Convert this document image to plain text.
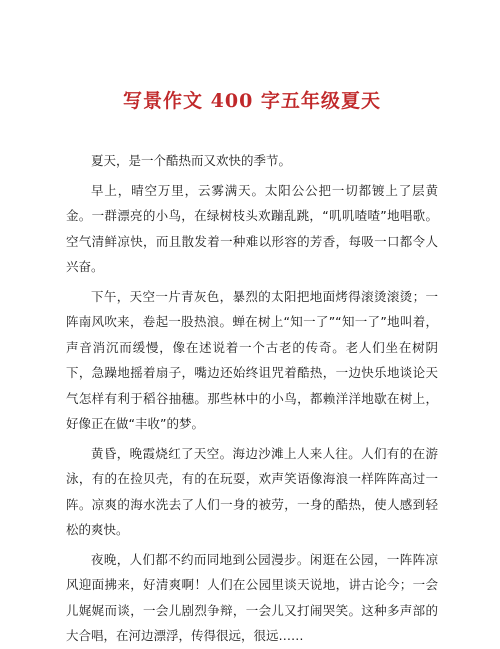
写景作文 400 字五年级夏天

夏天，是一个酷热而又欢快的季节。

早上，晴空万里，云雾满天。太阳公公把一切都镀上了层黄金。一群漂亮的小鸟，在绿树枝头欢蹦乱跳，“叽叽喳喳”地唱歌。空气清鲜凉快，而且散发着一种难以形容的芳香，每吸一口都令人兴奋。

下午，天空一片青灰色，暴烈的太阳把地面烤得滚烫滚烫；一阵南风吹来，卷起一股热浪。蝉在树上“知一了”“知一了”地叫着，声音消沉而缓慢，像在述说着一个古老的传奇。老人们坐在树阴下，急躁地摇着扇子，嘴边还始终诅咒着酷热，一边快乐地谈论天气怎样有利于稻谷抽穗。那些林中的小鸟，都赖洋洋地歇在树上，好像正在做“丰收”的梦。

黄昏，晚霞烧红了天空。海边沙滩上人来人往。人们有的在游泳，有的在捡贝壳，有的在玩耍，欢声笑语像海浪一样阵阵高过一阵。凉爽的海水洗去了人们一身的被劳，一身的酷热，使人感到轻松的爽快。

夜晚，人们都不约而同地到公园漫步。闲逛在公园，一阵阵凉风迎面拂来，好清爽啊！人们在公园里谈天说地，讲古论今；一会儿娓娓而谈，一会儿剧烈争辩，一会儿又打闹哭笑。这种多声部的大合唱，在河边漂浮，传得很远，很远……
